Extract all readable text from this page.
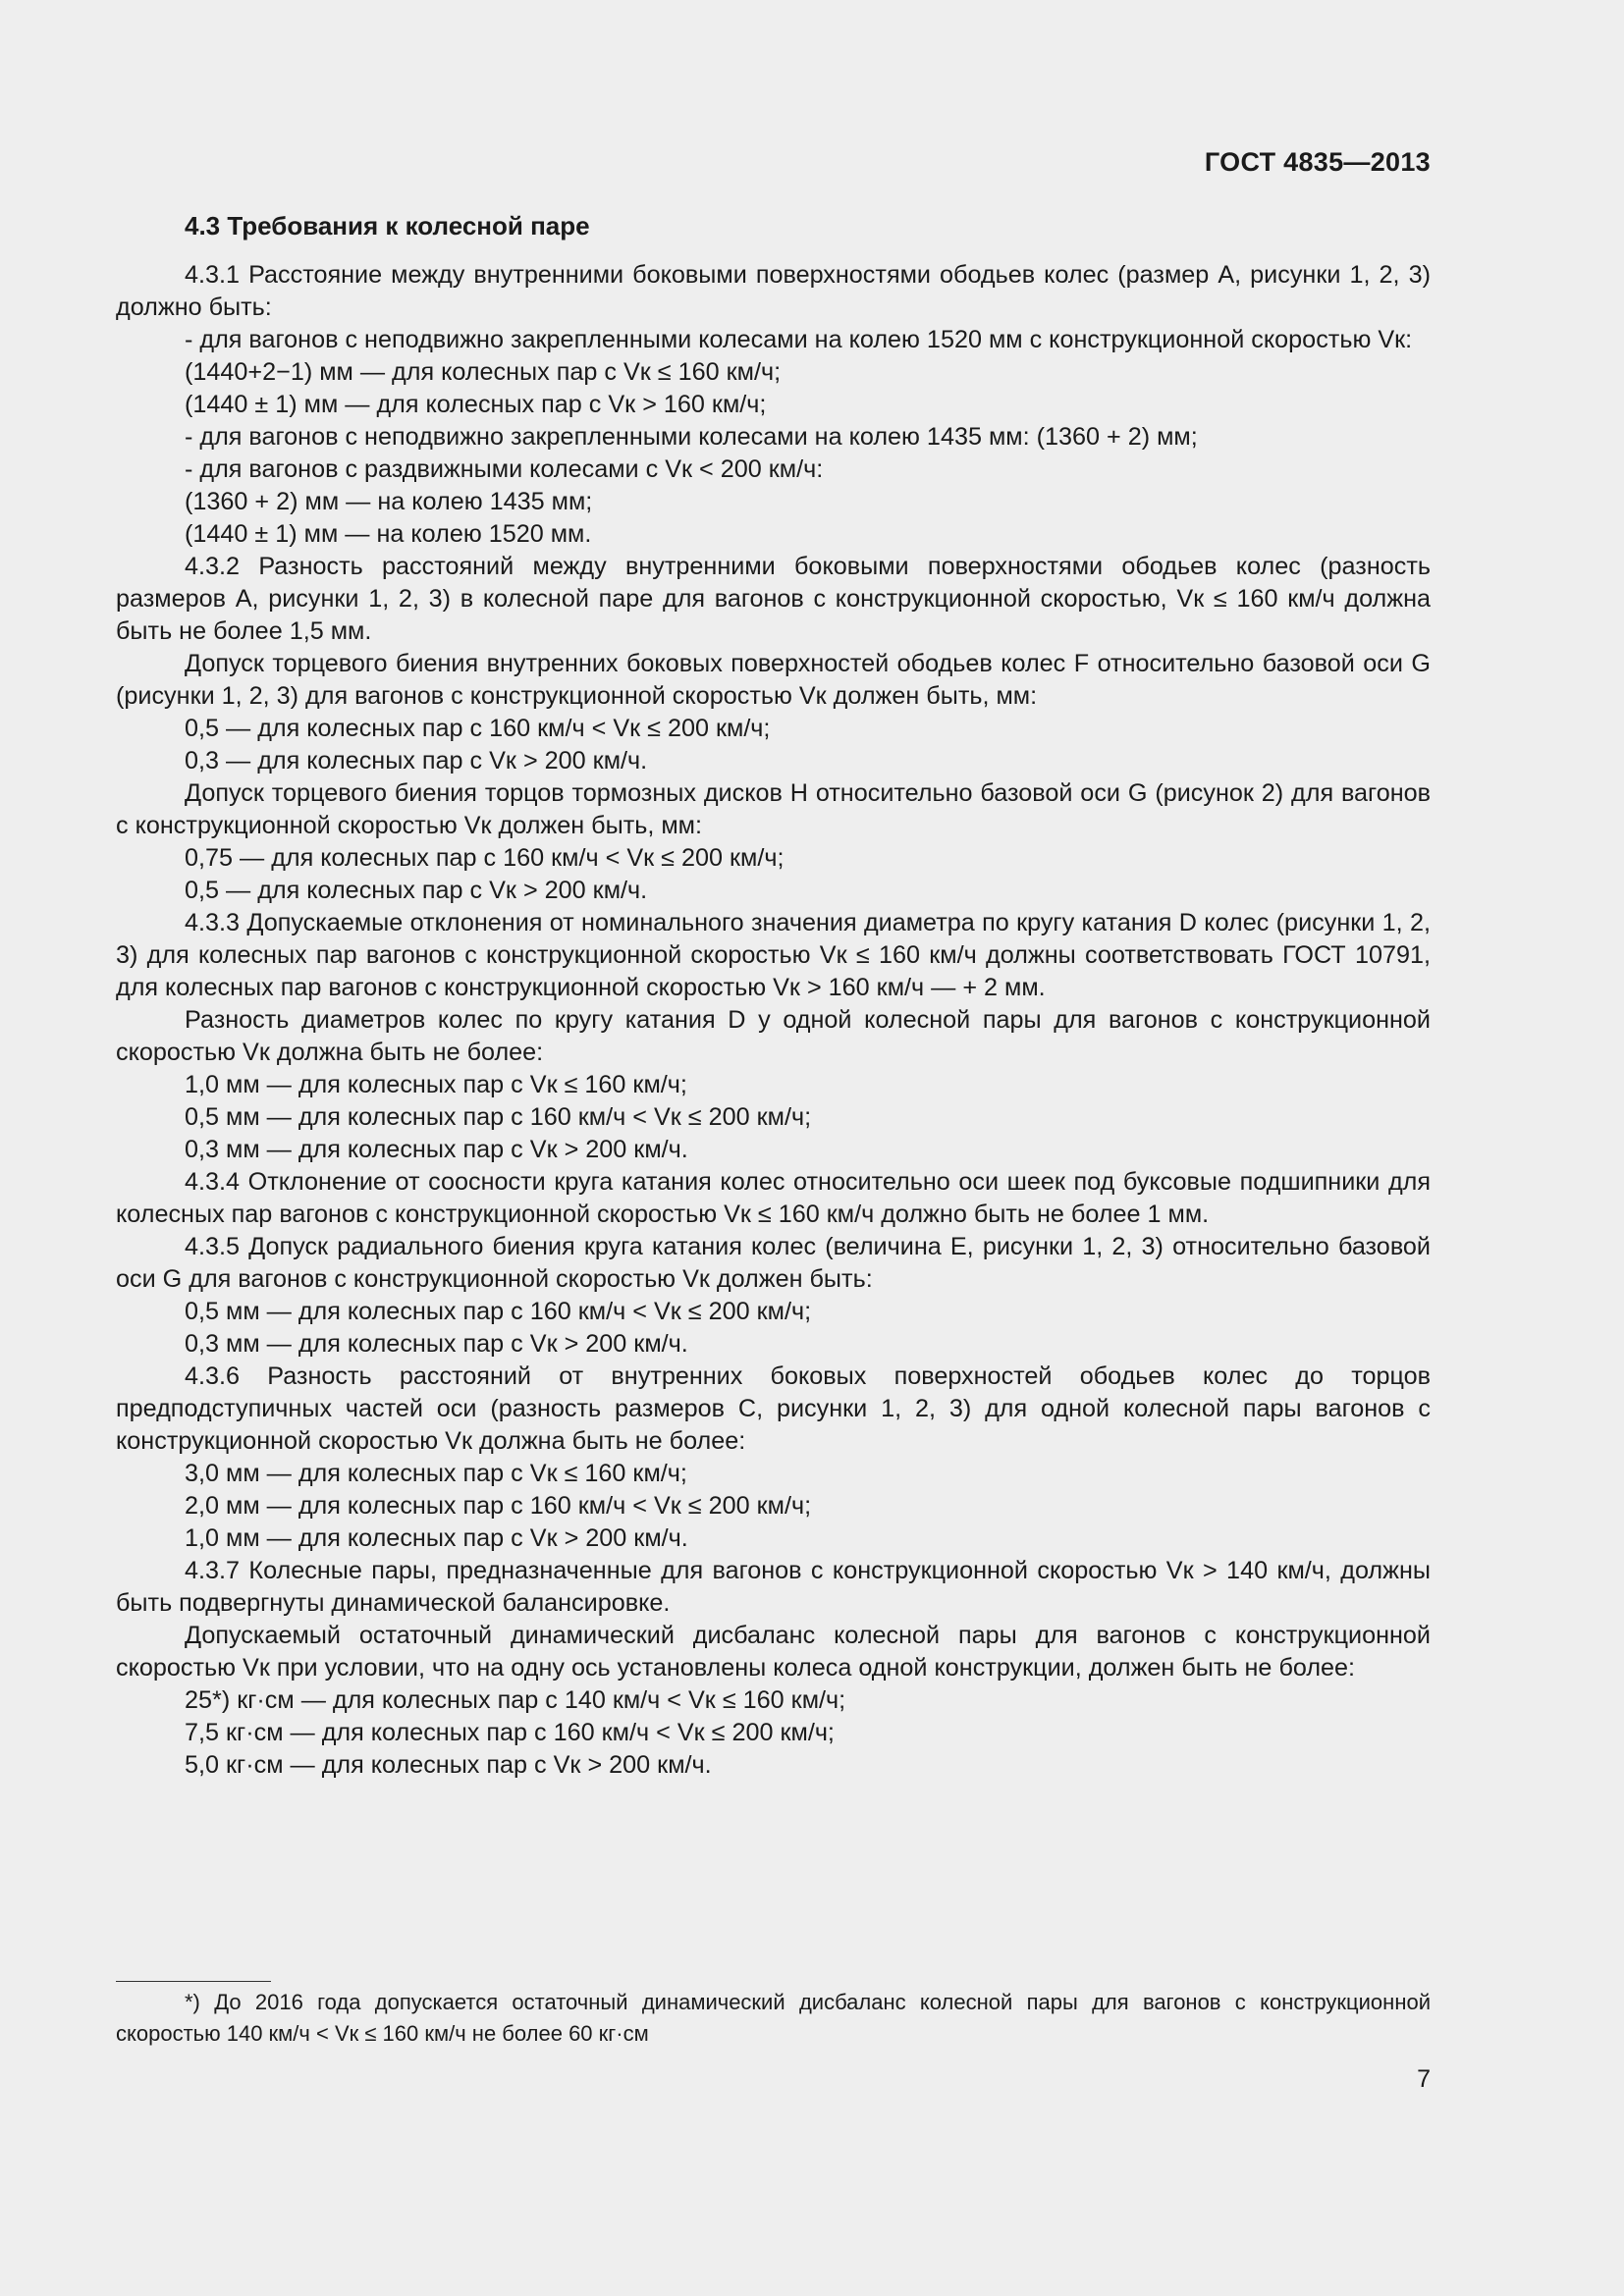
ГОСТ 4835—2013
4.3 Требования к колесной паре

4.3.1 Расстояние между внутренними боковыми поверхностями ободьев колес (размер A, рисунки 1, 2, 3) должно быть:

- для вагонов с неподвижно закрепленными колесами на колею 1520 мм с конструкционной скоростью Vк:

(1440+2−1) мм — для колесных пар с Vк ≤ 160 км/ч;

(1440 ± 1) мм — для колесных пар с Vк > 160 км/ч;

- для вагонов с неподвижно закрепленными колесами на колею 1435 мм: (1360 + 2) мм;

- для вагонов с раздвижными колесами с Vк < 200 км/ч:

(1360 + 2) мм — на колею 1435 мм;

(1440 ± 1) мм — на колею 1520 мм.

4.3.2 Разность расстояний между внутренними боковыми поверхностями ободьев колес (разность размеров A, рисунки 1, 2, 3) в колесной паре для вагонов с конструкционной скоростью, Vк ≤ 160 км/ч должна быть не более 1,5 мм.

Допуск торцевого биения внутренних боковых поверхностей ободьев колес F относительно базовой оси G (рисунки 1, 2, 3) для вагонов с конструкционной скоростью Vк должен быть, мм:

0,5 — для колесных пар с 160 км/ч < Vк ≤ 200 км/ч;

0,3 — для колесных пар с Vк > 200 км/ч.

Допуск торцевого биения торцов тормозных дисков Н относительно базовой оси G (рисунок 2) для вагонов с конструкционной скоростью Vк должен быть, мм:

0,75 — для колесных пар с 160 км/ч < Vк ≤ 200 км/ч;

0,5 — для колесных пар с Vк > 200 км/ч.

4.3.3 Допускаемые отклонения от номинального значения диаметра по кругу катания D колес (рисунки 1, 2, 3) для колесных пар вагонов с конструкционной скоростью Vк ≤ 160 км/ч должны соответствовать ГОСТ 10791, для колесных пар вагонов с конструкционной скоростью Vк > 160 км/ч — + 2 мм.

Разность диаметров колес по кругу катания D у одной колесной пары для вагонов с конструкционной скоростью Vк должна быть не более:

1,0 мм — для колесных пар с Vк ≤ 160 км/ч;

0,5 мм — для колесных пар с 160 км/ч < Vк ≤ 200 км/ч;

0,3 мм — для колесных пар с Vк > 200 км/ч.

4.3.4 Отклонение от соосности круга катания колес относительно оси шеек под буксовые подшипники для колесных пар вагонов с конструкционной скоростью Vк ≤ 160 км/ч должно быть не более 1 мм.

4.3.5 Допуск радиального биения круга катания колес (величина Е, рисунки 1, 2, 3) относительно базовой оси G для вагонов с конструкционной скоростью Vк должен быть:

0,5 мм — для колесных пар с 160 км/ч < Vк ≤ 200 км/ч;

0,3 мм — для колесных пар с Vк > 200 км/ч.

4.3.6 Разность расстояний от внутренних боковых поверхностей ободьев колес до торцов предподступичных частей оси (разность размеров С, рисунки 1, 2, 3) для одной колесной пары вагонов с конструкционной скоростью Vк должна быть не более:

3,0 мм — для колесных пар с Vк ≤ 160 км/ч;

2,0 мм — для колесных пар с 160 км/ч < Vк ≤ 200 км/ч;

1,0 мм — для колесных пар с Vк > 200 км/ч.

4.3.7 Колесные пары, предназначенные для вагонов с конструкционной скоростью Vк > 140 км/ч, должны быть подвергнуты динамической балансировке.

Допускаемый остаточный динамический дисбаланс колесной пары для вагонов с конструкционной скоростью Vк при условии, что на одну ось установлены колеса одной конструкции, должен быть не более:

25*) кг·см — для колесных пар с 140 км/ч < Vк ≤ 160 км/ч;

7,5 кг·см — для колесных пар с 160 км/ч < Vк ≤ 200 км/ч;

5,0 кг·см — для колесных пар с Vк > 200 км/ч.

*) До 2016 года допускается остаточный динамический дисбаланс колесной пары для вагонов с конструкционной скоростью 140 км/ч < Vк ≤ 160 км/ч не более 60 кг·см

7
